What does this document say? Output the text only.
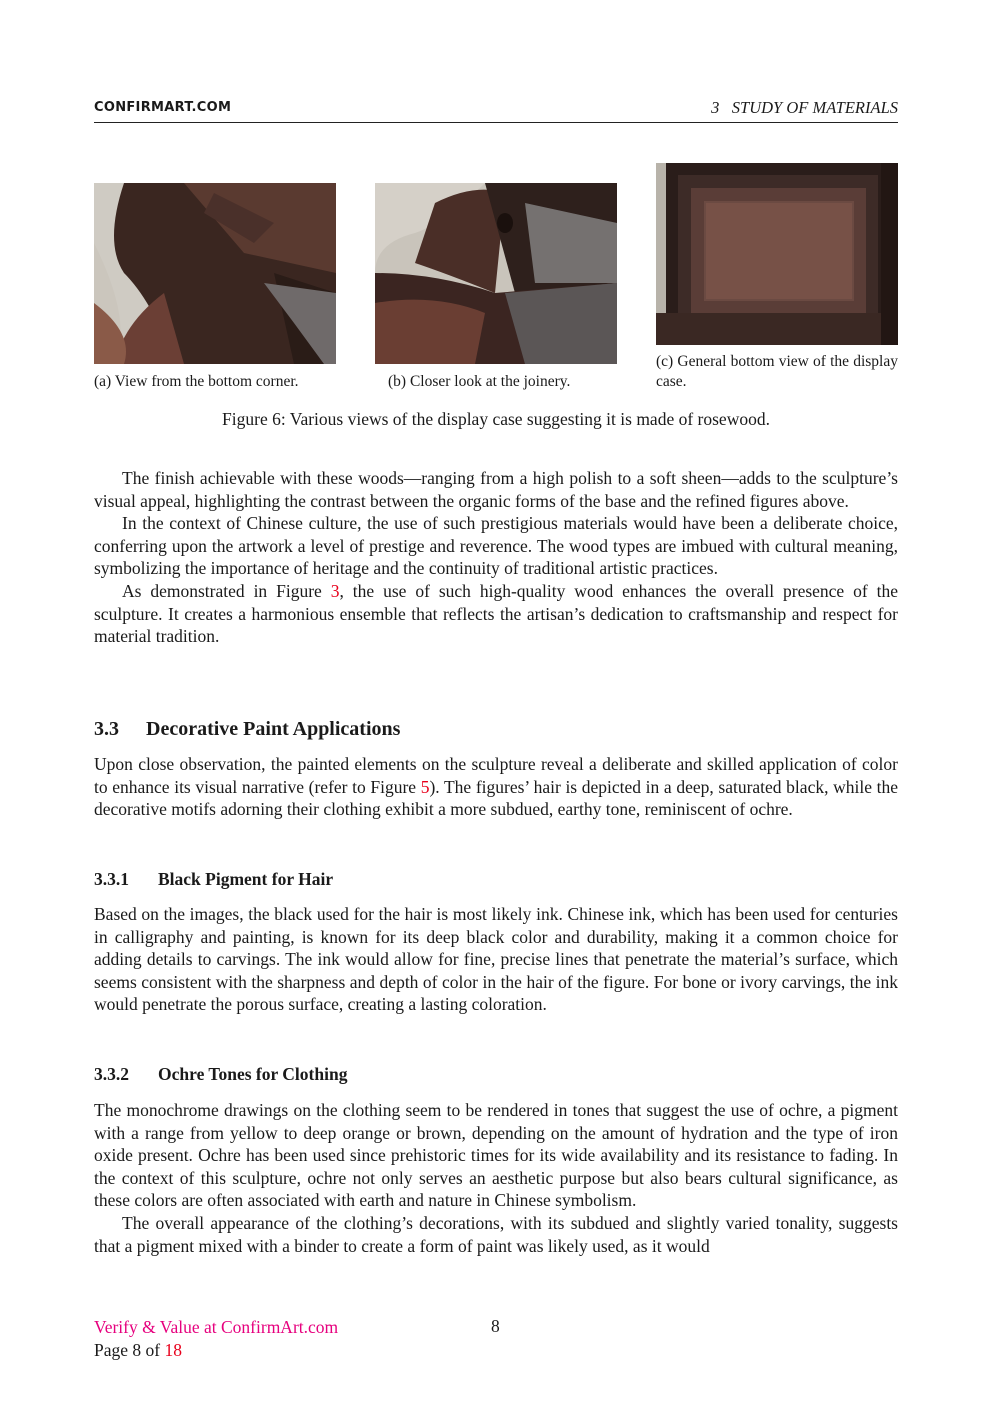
CONFIRMART.COM	3   STUDY OF MATERIALS
(a) View from the bottom corner.	(b) Closer look at the joinery.
(c) General bottom view of the display case.
Figure 6: Various views of the display case suggesting it is made of rosewood.

The finish achievable with these woods—ranging from a high polish to a soft sheen—adds to the sculpture’s visual appeal, highlighting the contrast between the organic forms of the base and the refined figures above.

In the context of Chinese culture, the use of such prestigious materials would have been a deliberate choice, conferring upon the artwork a level of prestige and reverence. The wood types are imbued with cultural meaning, symbolizing the importance of heritage and the continuity of traditional artistic practices.

As demonstrated in Figure 3, the use of such high-quality wood enhances the overall presence of the sculpture. It creates a harmonious ensemble that reflects the artisan’s dedication to craftsmanship and respect for material tradition.

3.3 Decorative Paint Applications

Upon close observation, the painted elements on the sculpture reveal a deliberate and skilled application of color to enhance its visual narrative (refer to Figure 5). The figures’ hair is depicted in a deep, saturated black, while the decorative motifs adorning their clothing exhibit a more subdued, earthy tone, reminiscent of ochre.

3.3.1 Black Pigment for Hair

Based on the images, the black used for the hair is most likely ink. Chinese ink, which has been used for centuries in calligraphy and painting, is known for its deep black color and durability, making it a common choice for adding details to carvings. The ink would allow for fine, precise lines that penetrate the material’s surface, which seems consistent with the sharpness and depth of color in the hair of the figure. For bone or ivory carvings, the ink would penetrate the porous surface, creating a lasting coloration.

3.3.2 Ochre Tones for Clothing

The monochrome drawings on the clothing seem to be rendered in tones that suggest the use of ochre, a pigment with a range from yellow to deep orange or brown, depending on the amount of hydration and the type of iron oxide present. Ochre has been used since prehistoric times for its wide availability and its resistance to fading. In the context of this sculpture, ochre not only serves an aesthetic purpose but also bears cultural significance, as these colors are often associated with earth and nature in Chinese symbolism.

The overall appearance of the clothing’s decorations, with its subdued and slightly varied tonality, suggests that a pigment mixed with a binder to create a form of paint was likely used, as it would

Verify & Value at ConfirmArt.com
Page 8 of 18
8
